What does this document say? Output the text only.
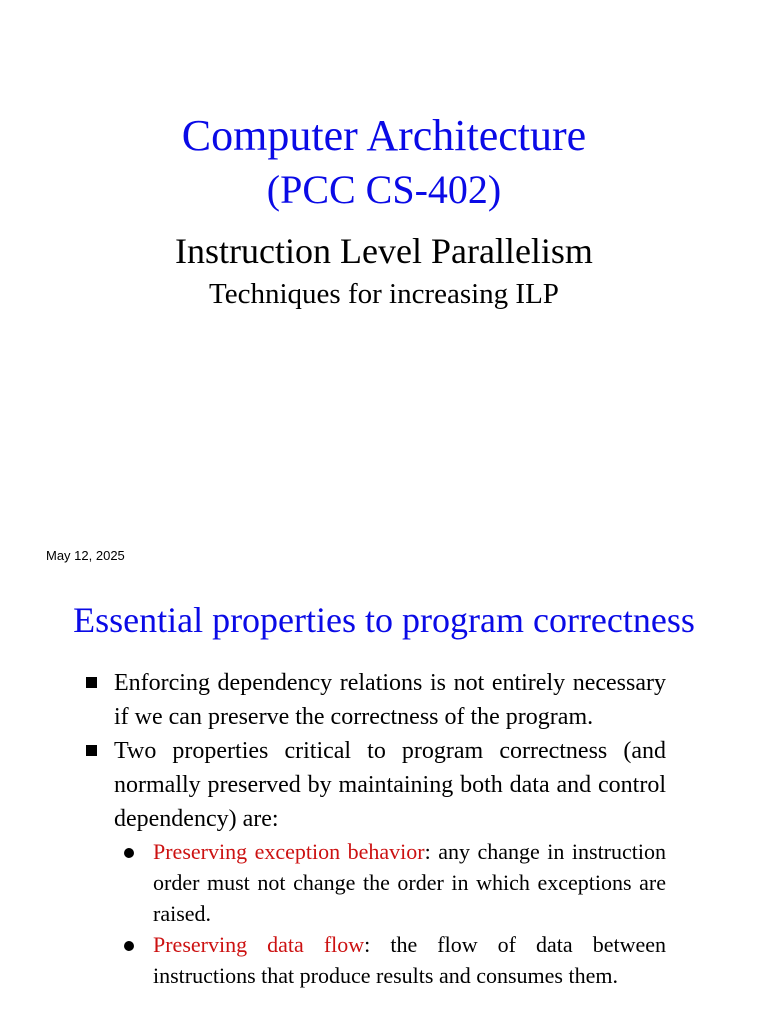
Computer Architecture
(PCC CS-402)
Instruction Level Parallelism
Techniques for increasing ILP
May 12, 2025
Essential properties to program correctness

Enforcing dependency relations is not entirely necessary if we can preserve the correctness of the program.

Two properties critical to program correctness (and normally preserved by maintaining both data and control dependency) are:

Preserving exception behavior: any change in instruction order must not change the order in which exceptions are raised.

Preserving data flow: the flow of data between instructions that produce results and consumes them.
